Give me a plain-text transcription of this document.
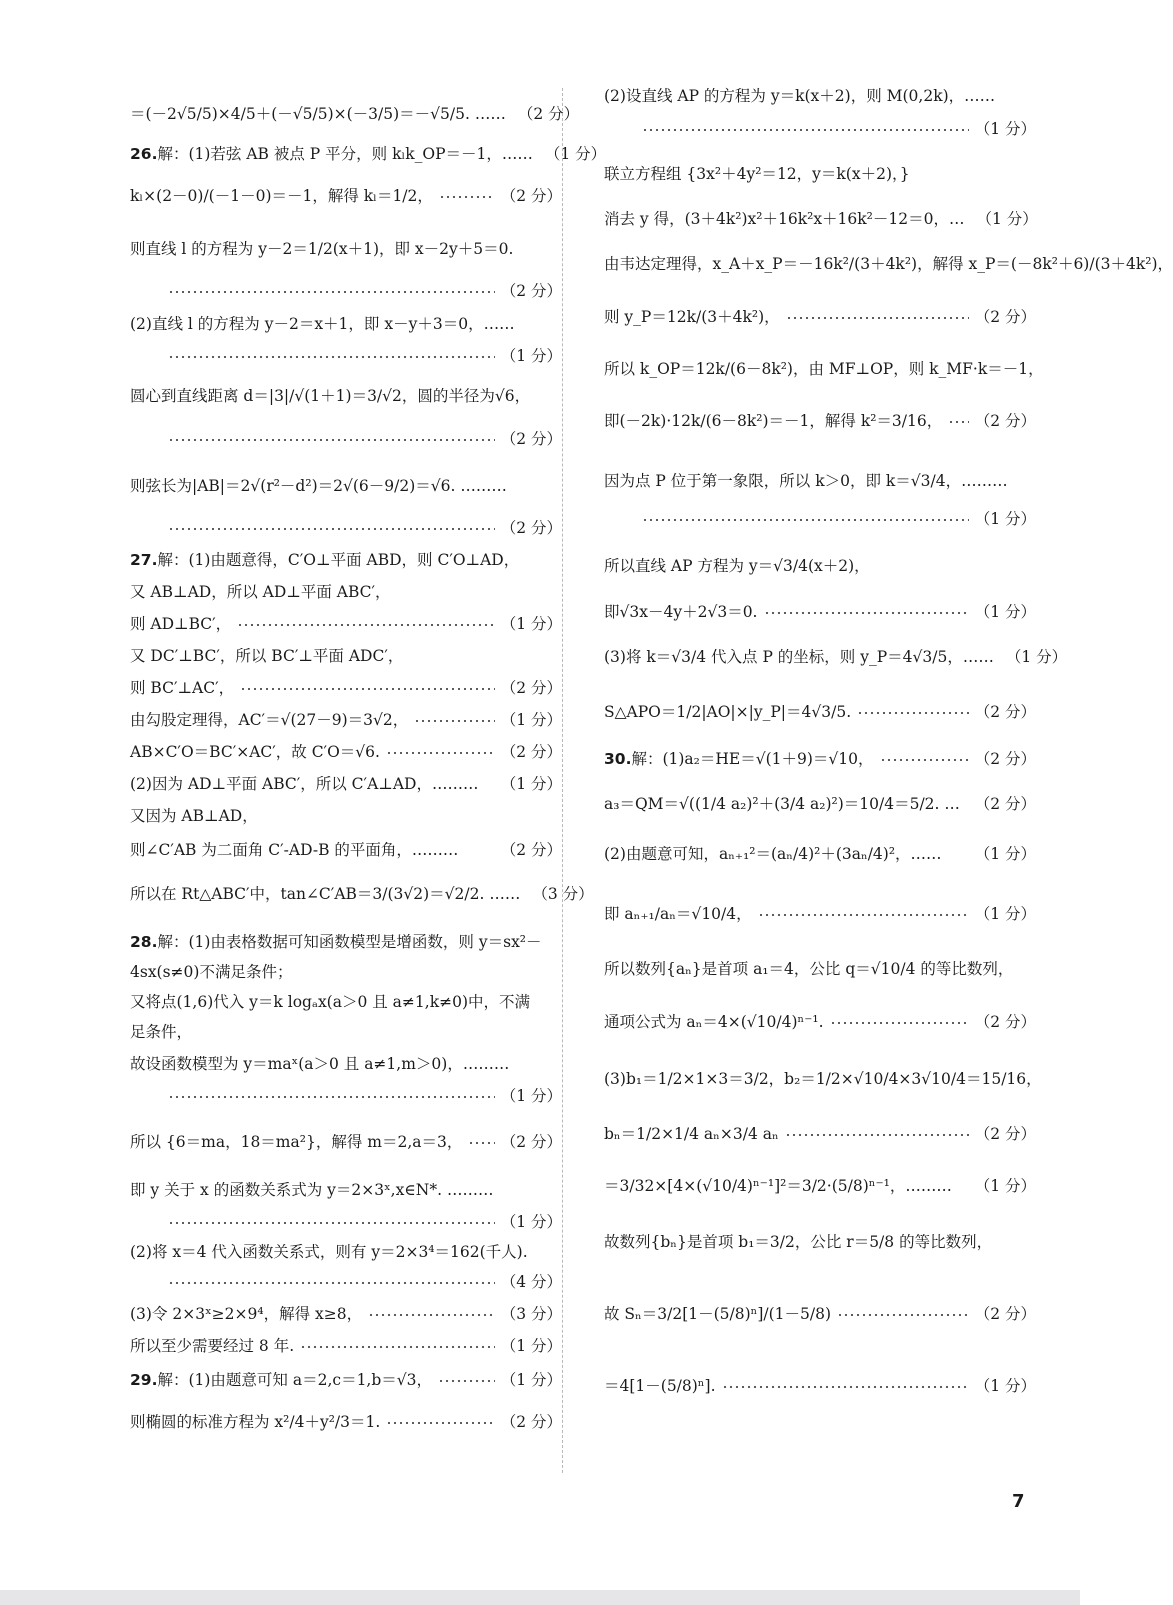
＝(－2√5/5)×4/5＋(－√5/5)×(－3/5)＝－√5/5. …… （2 分）
26.解：(1)若弦 AB 被点 P 平分，则 kₗk_OP＝－1，…… （1 分）
kₗ×(2－0)/(－1－0)＝－1，解得 kₗ＝1/2，	（2 分）
则直线 l 的方程为 y－2＝1/2(x＋1)，即 x－2y＋5＝0.
（2 分）
(2)直线 l 的方程为 y－2＝x＋1，即 x－y＋3＝0，……
（1 分）
圆心到直线距离 d＝|3|/√(1＋1)＝3/√2，圆的半径为√6，
（2 分）
则弦长为|AB|＝2√(r²－d²)＝2√(6－9/2)＝√6. ………
（2 分）
27.解：(1)由题意得，C′O⊥平面 ABD，则 C′O⊥AD，
又 AB⊥AD，所以 AD⊥平面 ABC′，
则 AD⊥BC′，	（1 分）
又 DC′⊥BC′，所以 BC′⊥平面 ADC′，
则 BC′⊥AC′，	（2 分）
由勾股定理得，AC′＝√(27－9)＝3√2，	（1 分）
AB×C′O＝BC′×AC′，故 C′O＝√6.	（2 分）
(2)因为 AD⊥平面 ABC′，所以 C′A⊥AD，……… （1 分）
又因为 AB⊥AD，
则∠C′AB 为二面角 C′-AD-B 的平面角，………	（2 分）
所以在 Rt△ABC′中，tan∠C′AB＝3/(3√2)＝√2/2. …… （3 分）
28.解：(1)由表格数据可知函数模型是增函数，则 y＝sx²－
4sx(s≠0)不满足条件；
又将点(1,6)代入 y＝k logₐx(a＞0 且 a≠1,k≠0)中，不满
足条件，
故设函数模型为 y＝maˣ(a＞0 且 a≠1,m＞0)，………
（1 分）
所以 {6＝ma，18＝ma²}，解得 m＝2,a＝3， （2 分）
即 y 关于 x 的函数关系式为 y＝2×3ˣ,x∈N*. ………
（1 分）
(2)将 x＝4 代入函数关系式，则有 y＝2×3⁴＝162(千人).
（4 分）
(3)令 2×3ˣ≥2×9⁴，解得 x≥8，	（3 分）
所以至少需要经过 8 年.	（1 分）
29.解：(1)由题意可知 a＝2,c＝1,b＝√3，	（1 分）
则椭圆的标准方程为 x²/4＋y²/3＝1.	（2 分）
(2)设直线 AP 的方程为 y＝k(x＋2)，则 M(0,2k)，……
（1 分）
联立方程组 {3x²＋4y²＝12，y＝k(x＋2)，}
消去 y 得，(3＋4k²)x²＋16k²x＋16k²－12＝0，… （1 分）
由韦达定理得，x_A＋x_P＝－16k²/(3＋4k²)，解得 x_P＝(－8k²＋6)/(3＋4k²)，
则 y_P＝12k/(3＋4k²)，	（2 分）
所以 k_OP＝12k/(6－8k²)，由 MF⊥OP，则 k_MF·k＝－1，
即(－2k)·12k/(6－8k²)＝－1，解得 k²＝3/16， （2 分）
因为点 P 位于第一象限，所以 k＞0，即 k＝√3/4，………
（1 分）
所以直线 AP 方程为 y＝√3/4(x＋2)，
即√3x－4y＋2√3＝0.	（1 分）
(3)将 k＝√3/4 代入点 P 的坐标，则 y_P＝4√3/5，…… （1 分）
S△APO＝1/2|AO|×|y_P|＝4√3/5.	（2 分）
30.解：(1)a₂＝HE＝√(1＋9)＝√10，	（2 分）
a₃＝QM＝√((1/4 a₂)²＋(3/4 a₂)²)＝10/4＝5/2. … （2 分）
(2)由题意可知，aₙ₊₁²＝(aₙ/4)²＋(3aₙ/4)²，…… （1 分）
即 aₙ₊₁/aₙ＝√10/4，	（1 分）
所以数列{aₙ}是首项 a₁＝4，公比 q＝√10/4 的等比数列，
通项公式为 aₙ＝4×(√10/4)ⁿ⁻¹.	（2 分）
(3)b₁＝1/2×1×3＝3/2，b₂＝1/2×√10/4×3√10/4＝15/16，
bₙ＝1/2×1/4 aₙ×3/4 aₙ	（2 分）
＝3/32×[4×(√10/4)ⁿ⁻¹]²＝3/2·(5/8)ⁿ⁻¹，……… （1 分）
故数列{bₙ}是首项 b₁＝3/2，公比 r＝5/8 的等比数列，
故 Sₙ＝3/2[1－(5/8)ⁿ]/(1－5/8)	（2 分）
＝4[1－(5/8)ⁿ].	（1 分）
7
